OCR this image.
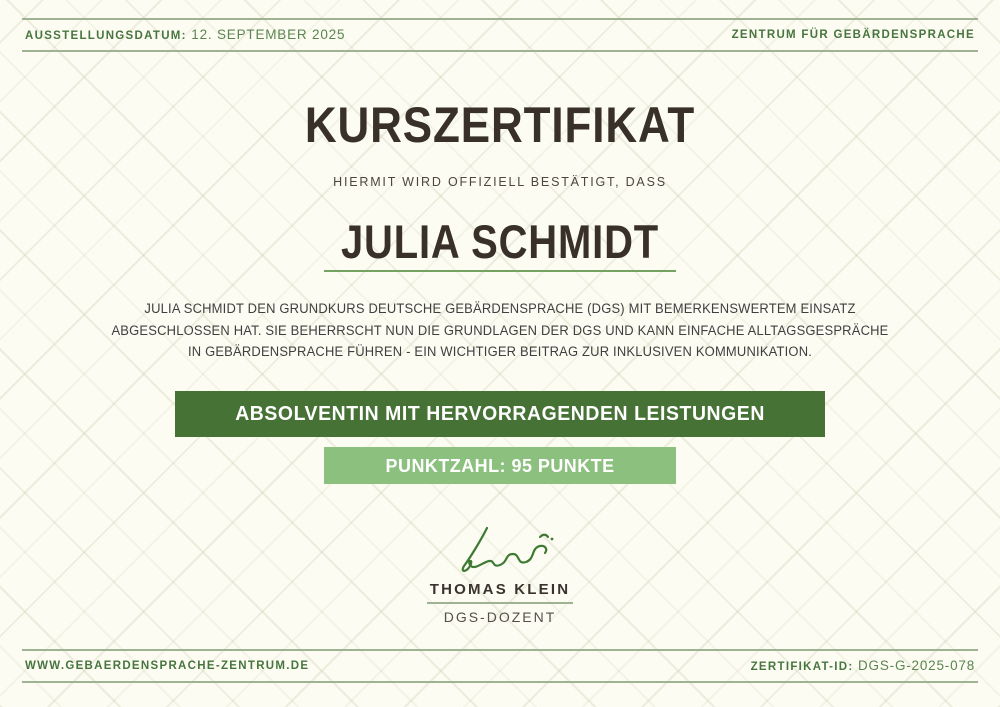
AUSSTELLUNGSDATUM: 12. SEPTEMBER 2025	ZENTRUM FÜR GEBÄRDENSPRACHE
KURSZERTIFIKAT
HIERMIT WIRD OFFIZIELL BESTÄTIGT, DASS
JULIA SCHMIDT
JULIA SCHMIDT DEN GRUNDKURS DEUTSCHE GEBÄRDENSPRACHE (DGS) MIT BEMERKENSWERTEM EINSATZ
ABGESCHLOSSEN HAT. SIE BEHERRSCHT NUN DIE GRUNDLAGEN DER DGS UND KANN EINFACHE ALLTAGSGESPRÄCHE
IN GEBÄRDENSPRACHE FÜHREN - EIN WICHTIGER BEITRAG ZUR INKLUSIVEN KOMMUNIKATION.
ABSOLVENTIN MIT HERVORRAGENDEN LEISTUNGEN
PUNKTZAHL: 95 PUNKTE
THOMAS KLEIN
DGS-DOZENT
WWW.GEBAERDENSPRACHE-ZENTRUM.DE	ZERTIFIKAT-ID: DGS-G-2025-078
